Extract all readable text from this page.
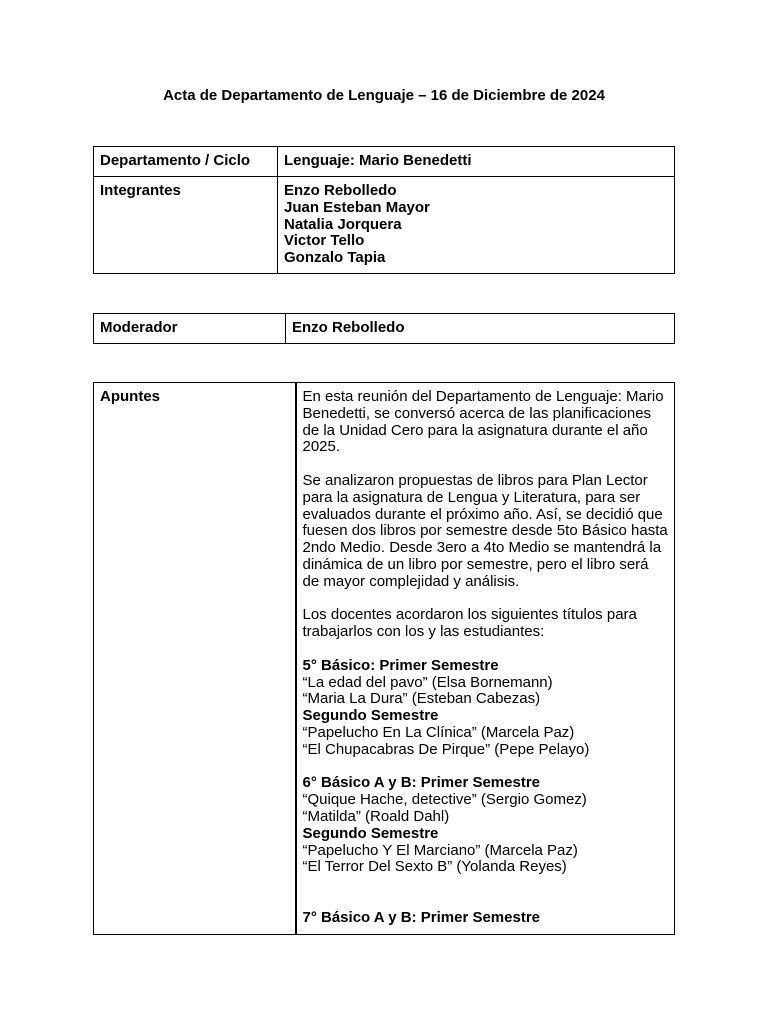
Acta de Departamento de Lenguaje – 16 de Diciembre de 2024
Departamento / Ciclo	Lenguaje: Mario Benedetti
Integrantes	Enzo Rebolledo
Juan Esteban Mayor
Natalia Jorquera
Victor Tello
Gonzalo Tapia
Moderador	Enzo Rebolledo
Apuntes	En esta reunión del Departamento de Lenguaje: Mario Benedetti, se conversó acerca de las planificaciones de la Unidad Cero para la asignatura durante el año 2025.

Se analizaron propuestas de libros para Plan Lector para la asignatura de Lengua y Literatura, para ser evaluados durante el próximo año. Así, se decidió que fuesen dos libros por semestre desde 5to Básico hasta 2ndo Medio. Desde 3ero a 4to Medio se mantendrá la dinámica de un libro por semestre, pero el libro será de mayor complejidad y análisis.

Los docentes acordaron los siguientes títulos para trabajarlos con los y las estudiantes:

5° Básico: Primer Semestre
“La edad del pavo” (Elsa Bornemann)
“Maria La Dura” (Esteban Cabezas)
Segundo Semestre
“Papelucho En La Clínica” (Marcela Paz)
“El Chupacabras De Pirque” (Pepe Pelayo)
6° Básico A y B: Primer Semestre
“Quique Hache, detective” (Sergio Gomez)
“Matilda” (Roald Dahl)
Segundo Semestre
“Papelucho Y El Marciano” (Marcela Paz)
“El Terror Del Sexto B” (Yolanda Reyes)
7° Básico A y B: Primer Semestre
